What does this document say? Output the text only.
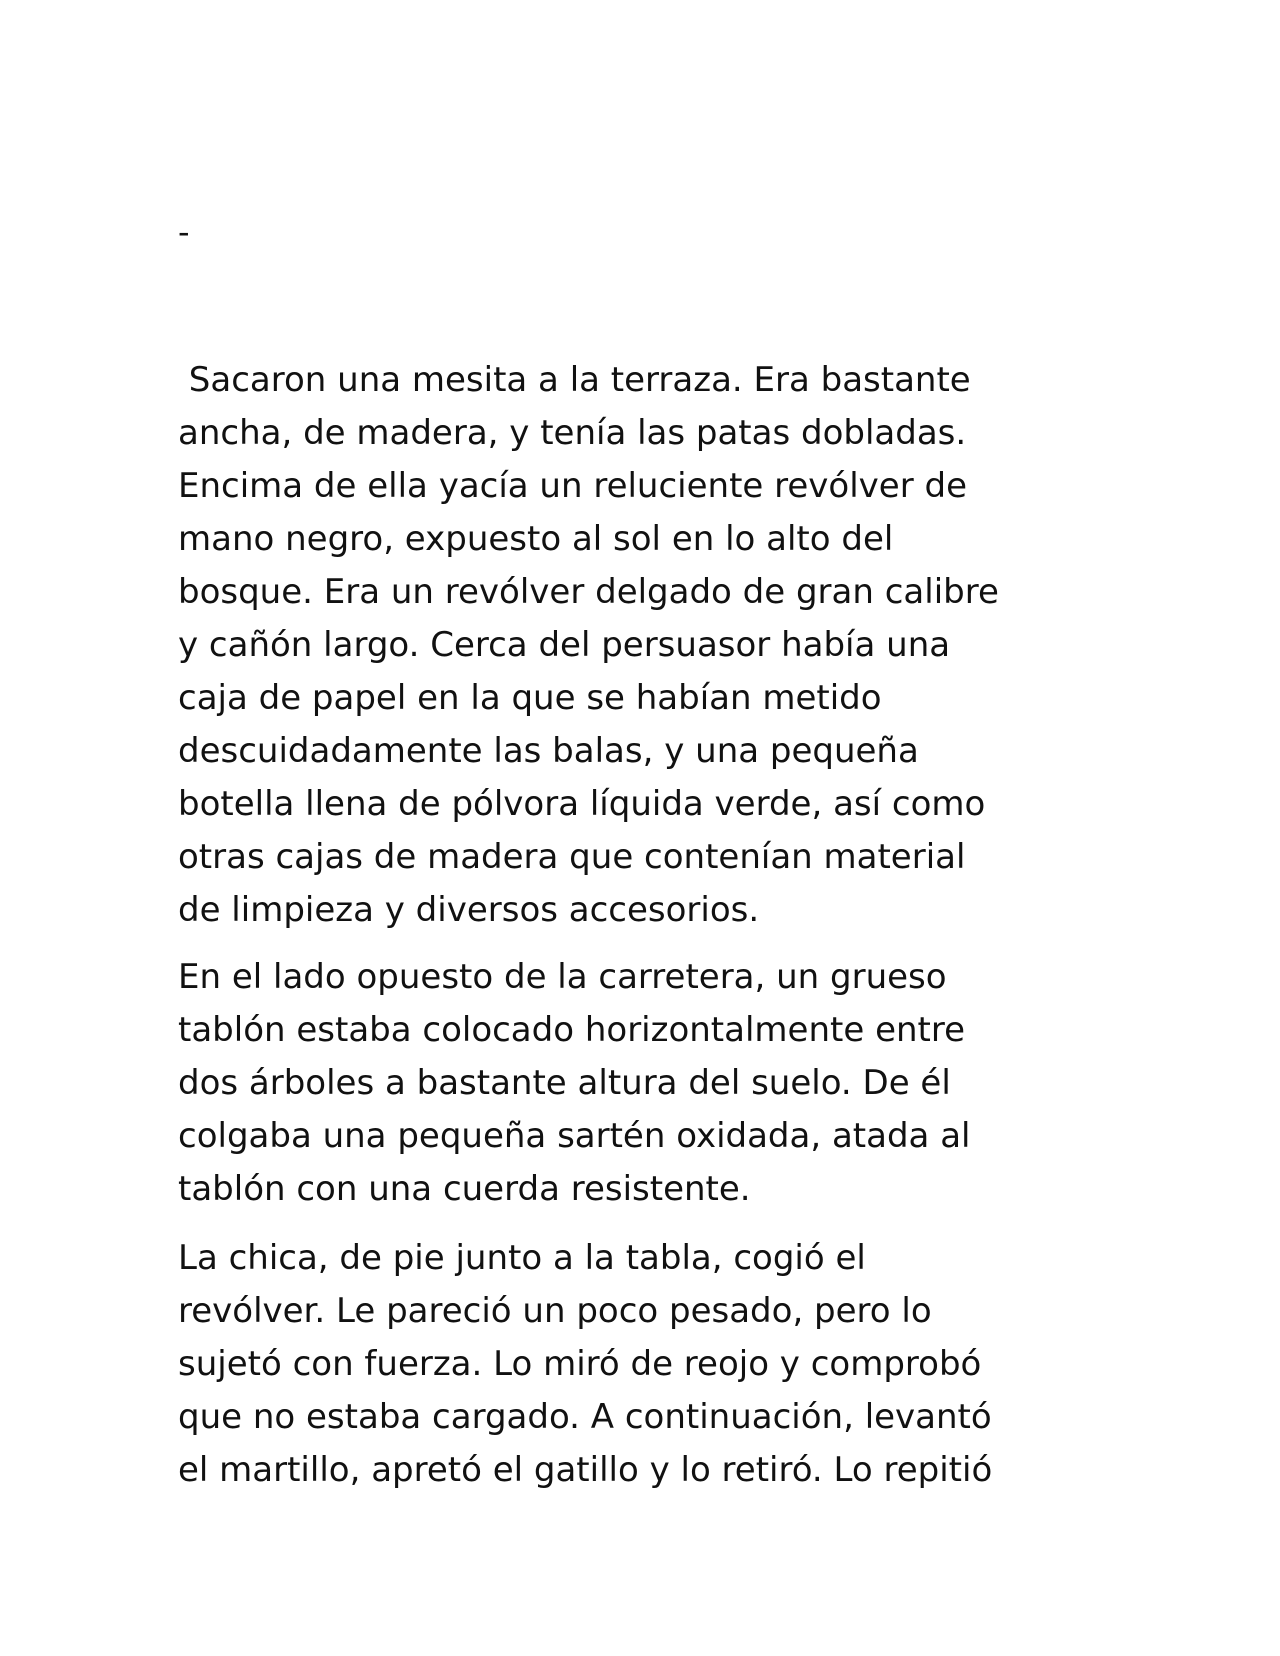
-
Sacaron una mesita a la terraza. Era bastante
ancha, de madera, y tenía las patas dobladas.
Encima de ella yacía un reluciente revólver de
mano negro, expuesto al sol en lo alto del
bosque. Era un revólver delgado de gran calibre
y cañón largo. Cerca del persuasor había una
caja de papel en la que se habían metido
descuidadamente las balas, y una pequeña
botella llena de pólvora líquida verde, así como
otras cajas de madera que contenían material
de limpieza y diversos accesorios.
En el lado opuesto de la carretera, un grueso
tablón estaba colocado horizontalmente entre
dos árboles a bastante altura del suelo. De él
colgaba una pequeña sartén oxidada, atada al
tablón con una cuerda resistente.
La chica, de pie junto a la tabla, cogió el
revólver. Le pareció un poco pesado, pero lo
sujetó con fuerza. Lo miró de reojo y comprobó
que no estaba cargado. A continuación, levantó
el martillo, apretó el gatillo y lo retiró. Lo repitió
